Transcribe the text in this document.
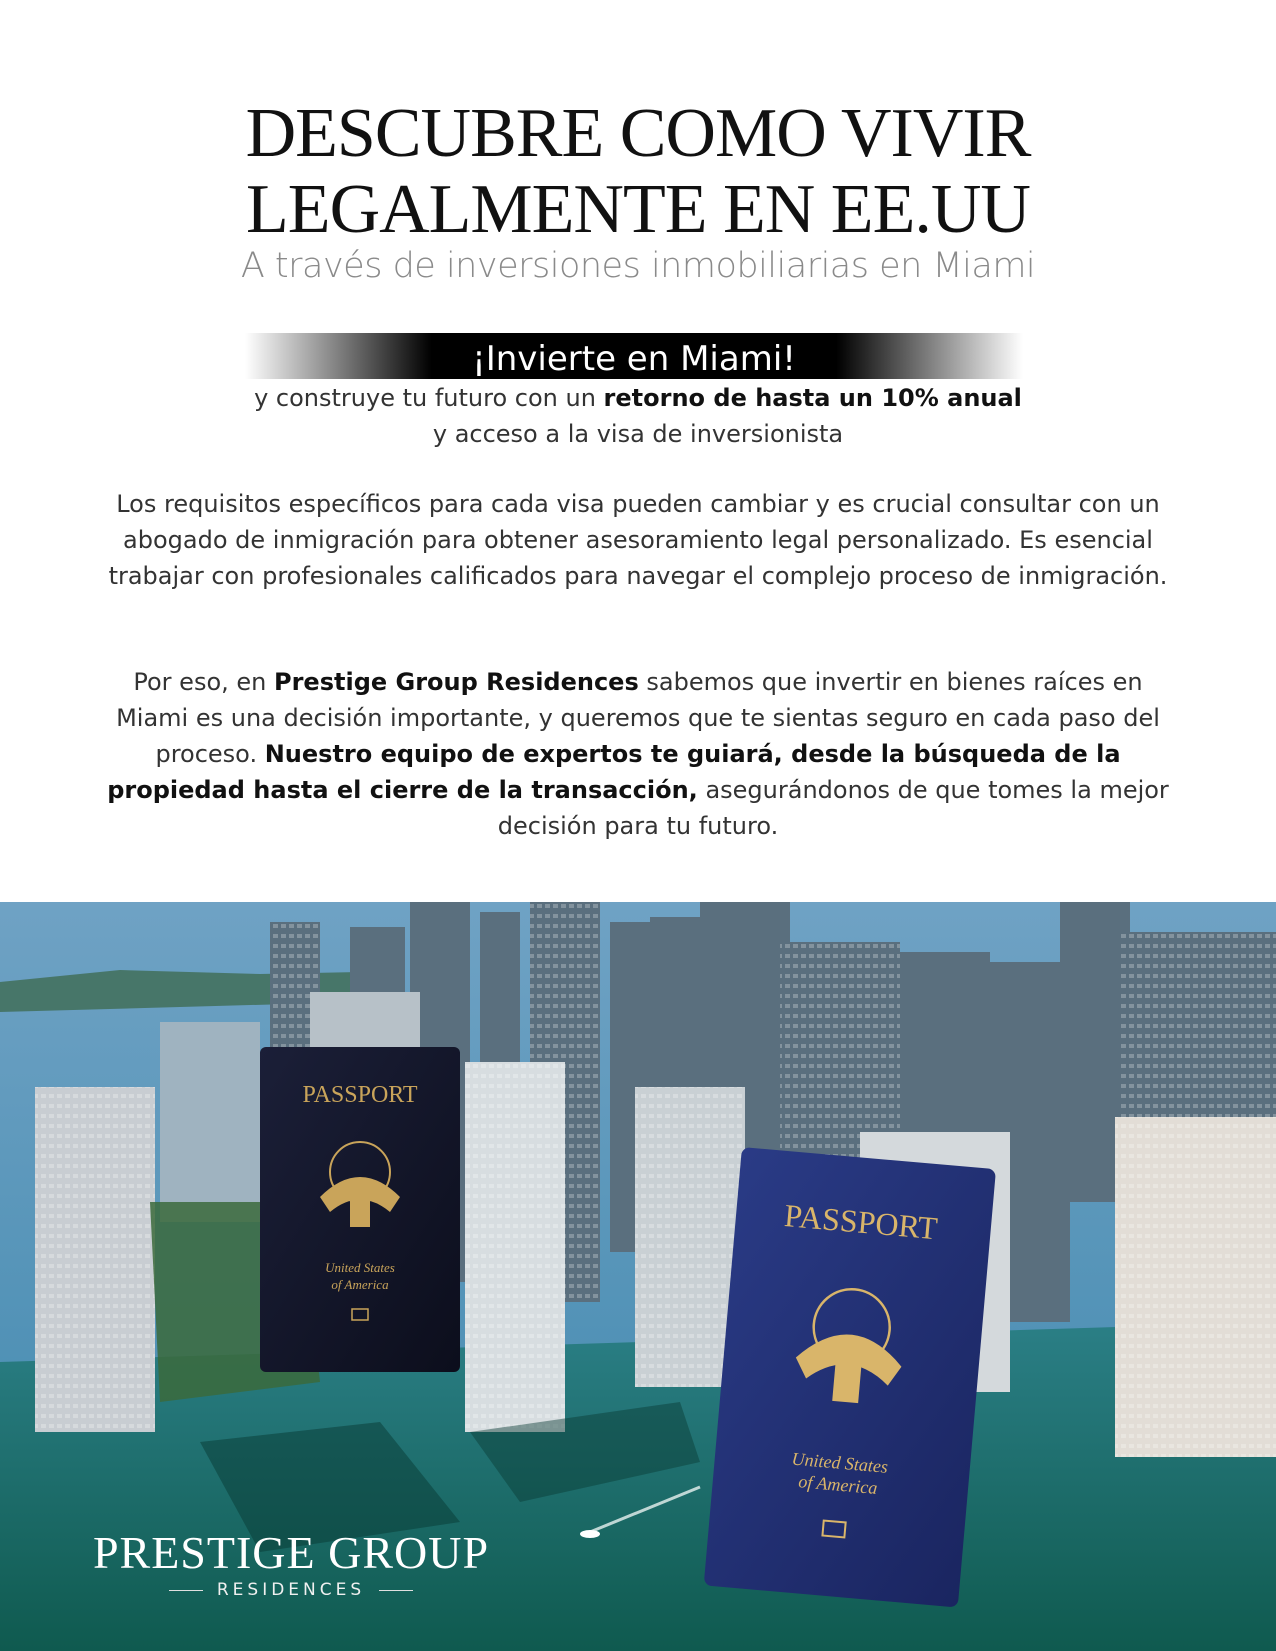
DESCUBRE COMO VIVIR
LEGALMENTE EN EE.UU
A través de inversiones inmobiliarias en Miami
¡Invierte en Miami!
y construye tu futuro con un retorno de hasta un 10% anual
y acceso a la visa de inversionista
Los requisitos específicos para cada visa pueden cambiar y es crucial consultar con un abogado de inmigración para obtener asesoramiento legal personalizado. Es esencial trabajar con profesionales calificados para navegar el complejo proceso de inmigración.
Por eso, en Prestige Group Residences sabemos que invertir en bienes raíces en Miami es una decisión importante, y queremos que te sientas seguro en cada paso del proceso. Nuestro equipo de expertos te guiará, desde la búsqueda de la propiedad hasta el cierre de la transacción, asegurándonos de que tomes la mejor decisión para tu futuro.
PASSPORT
United States
of America
PASSPORT
United States
of America
PRESTIGE GROUP
RESIDENCES
